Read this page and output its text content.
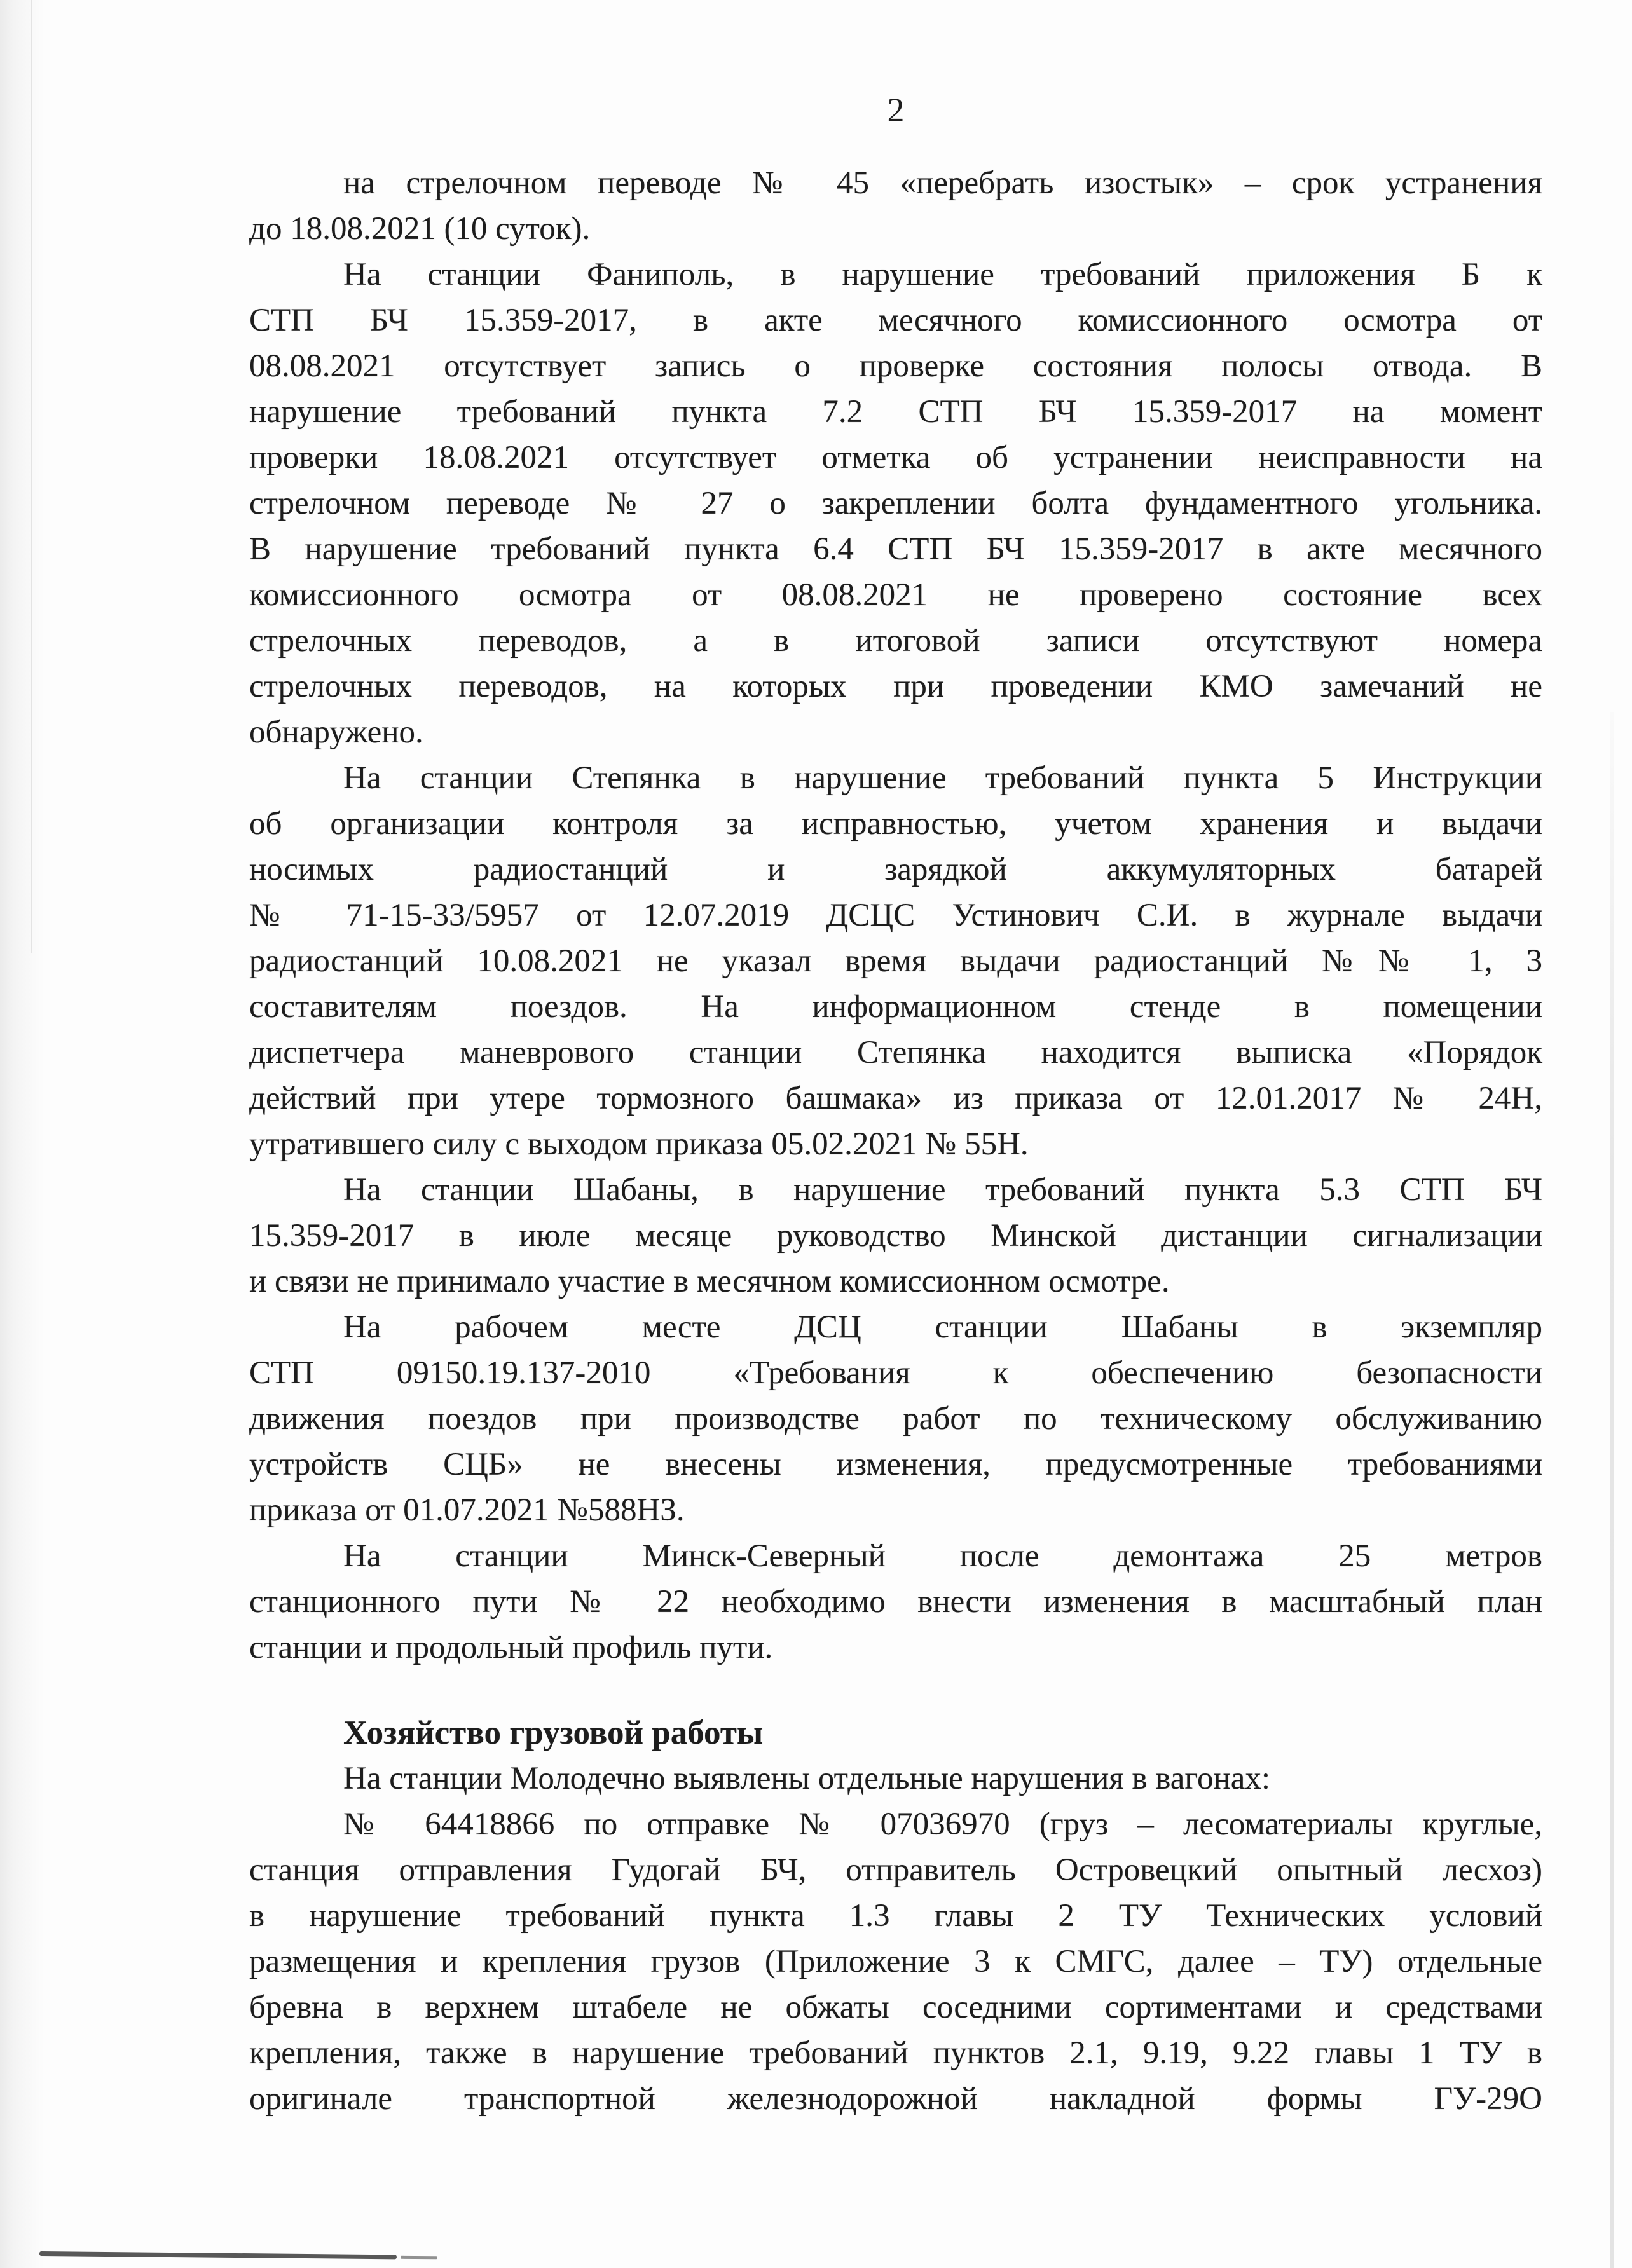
2
на стрелочном переводе № 45 «перебрать изостык» – срок устранения
до 18.08.2021 (10 суток).
На станции Фаниполь, в нарушение требований приложения Б к
СТП БЧ 15.359-2017, в акте месячного комиссионного осмотра от
08.08.2021 отсутствует запись о проверке состояния полосы отвода. В
нарушение требований пункта 7.2 СТП БЧ 15.359-2017 на момент
проверки 18.08.2021 отсутствует отметка об устранении неисправности на
стрелочном переводе № 27 о закреплении болта фундаментного угольника.
В нарушение требований пункта 6.4 СТП БЧ 15.359-2017 в акте месячного
комиссионного осмотра от 08.08.2021 не проверено состояние всех
стрелочных переводов, а в итоговой записи отсутствуют номера
стрелочных переводов, на которых при проведении КМО замечаний не
обнаружено.
На станции Степянка в нарушение требований пункта 5 Инструкции
об организации контроля за исправностью, учетом хранения и выдачи
носимых радиостанций и зарядкой аккумуляторных батарей
№ 71-15-33/5957 от 12.07.2019 ДСЦС Устинович С.И. в журнале выдачи
радиостанций 10.08.2021 не указал время выдачи радиостанций №№ 1, 3
составителям поездов. На информационном стенде в помещении
диспетчера маневрового станции Степянка находится выписка «Порядок
действий при утере тормозного башмака» из приказа от 12.01.2017 № 24Н,
утратившего силу с выходом приказа 05.02.2021 № 55Н.
На станции Шабаны, в нарушение требований пункта 5.3 СТП БЧ
15.359-2017 в июле месяце руководство Минской дистанции сигнализации
и связи не принимало участие в месячном комиссионном осмотре.
На рабочем месте ДСЦ станции Шабаны в экземпляр
СТП 09150.19.137-2010 «Требования к обеспечению безопасности
движения поездов при производстве работ по техническому обслуживанию
устройств СЦБ» не внесены изменения, предусмотренные требованиями
приказа от 01.07.2021 №588НЗ.
На станции Минск-Северный после демонтажа 25 метров
станционного пути № 22 необходимо внести изменения в масштабный план
станции и продольный профиль пути.
Хозяйство грузовой работы
На станции Молодечно выявлены отдельные нарушения в вагонах:
№ 64418866 по отправке № 07036970 (груз – лесоматериалы круглые,
станция отправления Гудогай БЧ, отправитель Островецкий опытный лесхоз)
в нарушение требований пункта 1.3 главы 2 ТУ Технических условий
размещения и крепления грузов (Приложение 3 к СМГС, далее – ТУ) отдельные
бревна в верхнем штабеле не обжаты соседними сортиментами и средствами
крепления, также в нарушение требований пунктов 2.1, 9.19, 9.22 главы 1 ТУ в
оригинале транспортной железнодорожной накладной формы ГУ-29О
